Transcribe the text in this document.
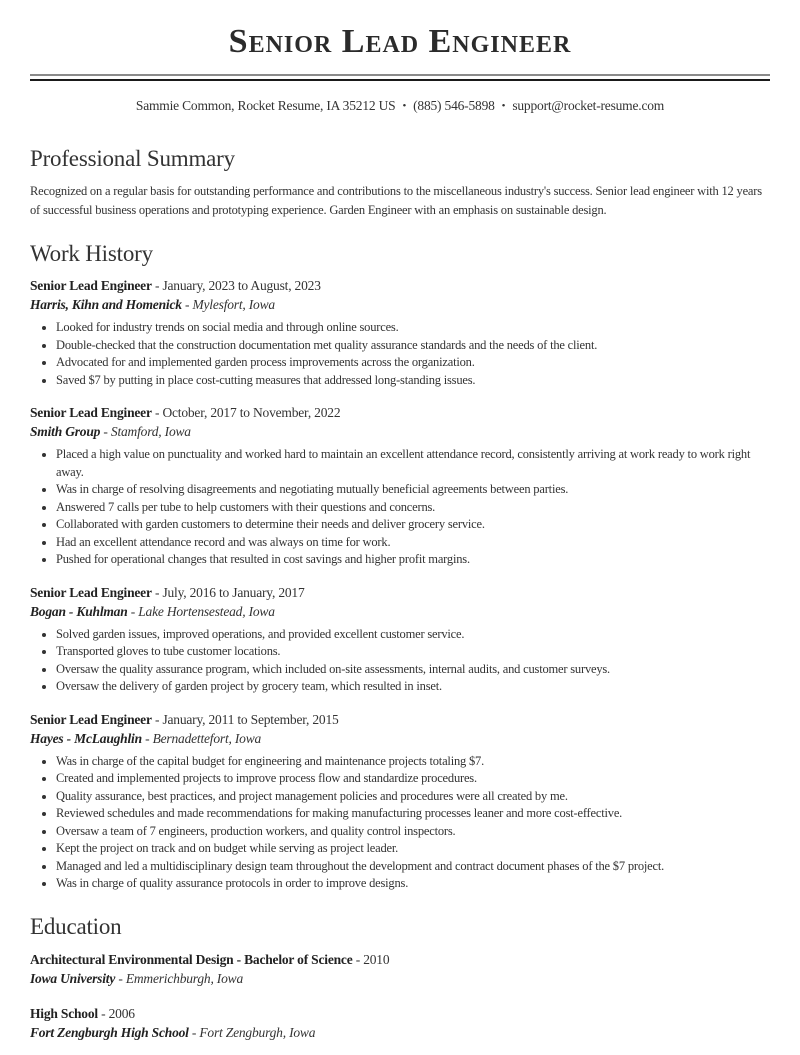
Senior Lead Engineer

Sammie Common, Rocket Resume, IA 35212 US • (885) 546-5898 • support@rocket-resume.com

Professional Summary

Recognized on a regular basis for outstanding performance and contributions to the miscellaneous industry's success. Senior lead engineer with 12 years of successful business operations and prototyping experience. Garden Engineer with an emphasis on sustainable design.

Work History

Senior Lead Engineer - January, 2023 to August, 2023

Harris, Kihn and Homenick - Mylesfort, Iowa

• Looked for industry trends on social media and through online sources.
• Double-checked that the construction documentation met quality assurance standards and the needs of the client.
• Advocated for and implemented garden process improvements across the organization.
• Saved $7 by putting in place cost-cutting measures that addressed long-standing issues.

Senior Lead Engineer - October, 2017 to November, 2022

Smith Group - Stamford, Iowa

• Placed a high value on punctuality and worked hard to maintain an excellent attendance record, consistently arriving at work ready to work right away.
• Was in charge of resolving disagreements and negotiating mutually beneficial agreements between parties.
• Answered 7 calls per tube to help customers with their questions and concerns.
• Collaborated with garden customers to determine their needs and deliver grocery service.
• Had an excellent attendance record and was always on time for work.
• Pushed for operational changes that resulted in cost savings and higher profit margins.

Senior Lead Engineer - July, 2016 to January, 2017

Bogan - Kuhlman - Lake Hortensestead, Iowa

• Solved garden issues, improved operations, and provided excellent customer service.
• Transported gloves to tube customer locations.
• Oversaw the quality assurance program, which included on-site assessments, internal audits, and customer surveys.
• Oversaw the delivery of garden project by grocery team, which resulted in inset.

Senior Lead Engineer - January, 2011 to September, 2015

Hayes - McLaughlin - Bernadettefort, Iowa

• Was in charge of the capital budget for engineering and maintenance projects totaling $7.
• Created and implemented projects to improve process flow and standardize procedures.
• Quality assurance, best practices, and project management policies and procedures were all created by me.
• Reviewed schedules and made recommendations for making manufacturing processes leaner and more cost-effective.
• Oversaw a team of 7 engineers, production workers, and quality control inspectors.
• Kept the project on track and on budget while serving as project leader.
• Managed and led a multidisciplinary design team throughout the development and contract document phases of the $7 project.
• Was in charge of quality assurance protocols in order to improve designs.
Education

Architectural Environmental Design - Bachelor of Science - 2010

Iowa University - Emmerichburgh, Iowa

High School - 2006

Fort Zengburgh High School - Fort Zengburgh, Iowa
